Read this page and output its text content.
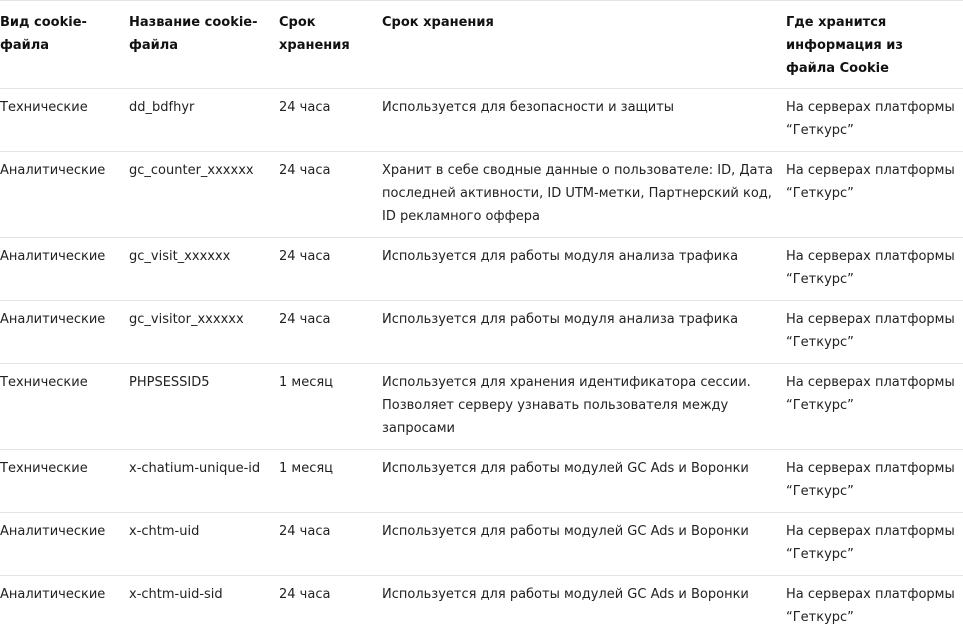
Вид cookie-файла	Название cookie-файла	Срок хранения	Срок хранения	Где хранится информация из файла Cookie

Технические	dd_bdfhyr	24 часа	Используется для безопасности и защиты	На серверах платформы “Геткурс”
Аналитические	gc_counter_xxxxxx	24 часа	Хранит в себе сводные данные о пользователе: ID, Дата последней активности, ID UTM-метки, Партнерский код, ID рекламного оффера	На серверах платформы “Геткурс”
Аналитические	gc_visit_xxxxxx	24 часа	Используется для работы модуля анализа трафика	На серверах платформы “Геткурс”
Аналитические	gc_visitor_xxxxxx	24 часа	Используется для работы модуля анализа трафика	На серверах платформы “Геткурс”
Технические	PHPSESSID5	1 месяц	Используется для хранения идентификатора сессии. Позволяет серверу узнавать пользователя между запросами	На серверах платформы “Геткурс”
Технические	x-chatium-unique-id	1 месяц	Используется для работы модулей GC Ads и Воронки	На серверах платформы “Геткурс”
Аналитические	x-chtm-uid	24 часа	Используется для работы модулей GC Ads и Воронки	На серверах платформы “Геткурс”
Аналитические	x-chtm-uid-sid	24 часа	Используется для работы модулей GC Ads и Воронки	На серверах платформы “Геткурс”
